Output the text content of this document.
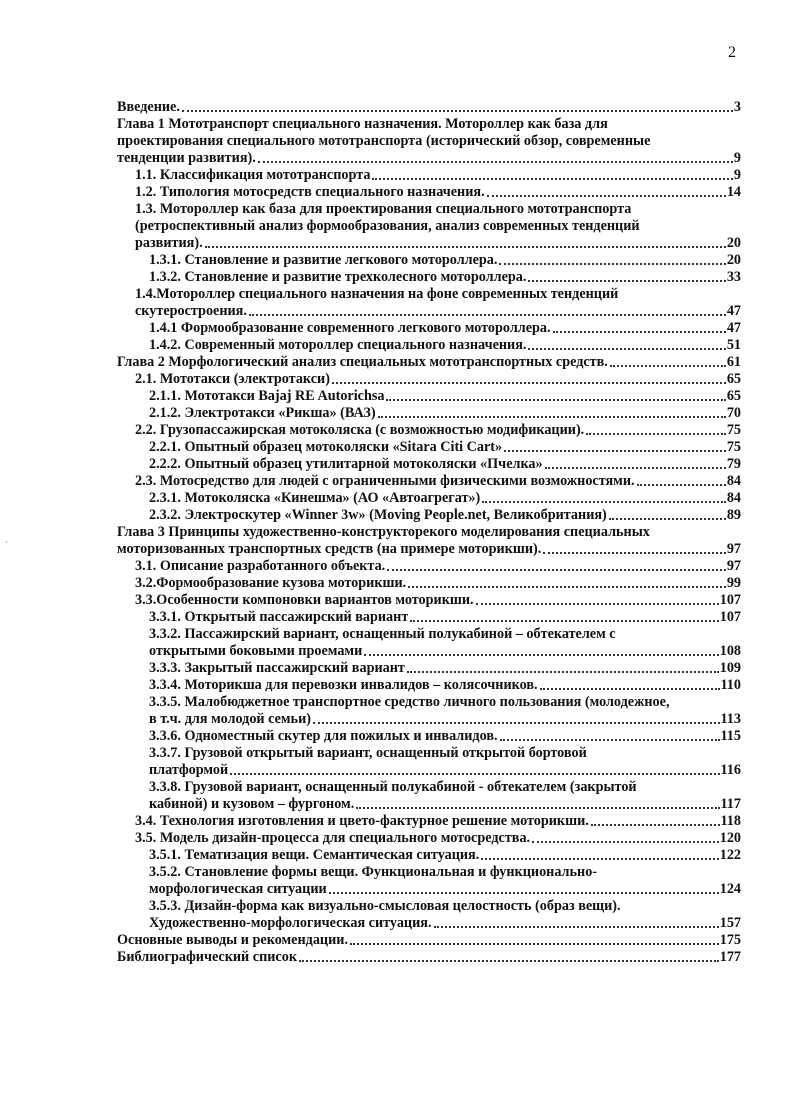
2
`
Введение.	3
Глава 1 Мототранспорт специального назначения. Мотороллер как база для
проектирования специального мототранспорта (исторический обзор, современные
тенденции развития).	9
1.1. Классификация мототранспорта	9
1.2. Типология мотосредств специального назначения.	14
1.3. Мотороллер как база для проектирования специального мототранспорта
(ретроспективный анализ формообразования, анализ современных тенденций
развития).	20
1.3.1. Становление и развитие легкового мотороллера.	20
1.3.2. Становление и развитие трехколесного мотороллера.	33
1.4.Мотороллер специального назначения на фоне современных тенденций
скутеростроения.	47
1.4.1 Формообразование современного легкового мотороллера.	47
1.4.2. Современный мотороллер специального назначения.	51
Глава 2 Морфологический анализ специальных мототранспортных средств.	61
2.1. Мототакси (электротакси)	65
2.1.1. Мототакси Bajaj RE Autorichsa	65
2.1.2. Электротакси «Рикша» (ВАЗ)	70
2.2. Грузопассажирская мотоколяска (с возможностью модификации).	75
2.2.1. Опытный образец мотоколяски «Sitara Citi Cart»	75
2.2.2. Опытный образец утилитарной мотоколяски «Пчелка»	79
2.3. Мотосредство для людей с ограниченными физическими возможностями.	84
2.3.1. Мотоколяска «Кинешма» (АО «Автоагрегат»)	84
2.3.2. Электроскутер «Winner 3w» (Moving People.net, Великобритания)	89
Глава 3 Принципы художественно-конструкторекого моделирования специальных
моторизованных транспортных средств (на примере моторикши).	97
3.1. Описание разработанного объекта.	97
3.2.Формообразование кузова моторикши.	99
3.3.Особенности компоновки вариантов моторикши.	107
3.3.1. Открытый пассажирский вариант	107
3.3.2. Пассажирский вариант, оснащенный полукабиной – обтекателем с
открытыми боковыми проемами	108
3.3.3. Закрытый пассажирский вариант	109
3.3.4. Моторикша для перевозки инвалидов – колясочников.	110
3.3.5. Малобюджетное транспортное средство личного пользования (молодежное,
в т.ч. для молодой семьи)	113
3.3.6. Одноместный скутер для пожилых и инвалидов.	115
3.3.7. Грузовой открытый вариант, оснащенный открытой бортовой
платформой	116
3.3.8. Грузовой вариант, оснащенный полукабиной - обтекателем (закрытой
кабиной) и кузовом – фургоном.	117
3.4. Технология изготовления и цвето-фактурное решение моторикши.	118
3.5. Модель дизайн-процесса для специального мотосредства.	120
3.5.1. Тематизация вещи. Семантическая ситуация.	122
3.5.2. Становление формы вещи. Функциональная и функционально-
морфологическая ситуации	124
3.5.3. Дизайн-форма как визуально-смысловая целостность (образ вещи).
Художественно-морфологическая ситуация.	157
Основные выводы и рекомендации.	175
Библиографический список	177
